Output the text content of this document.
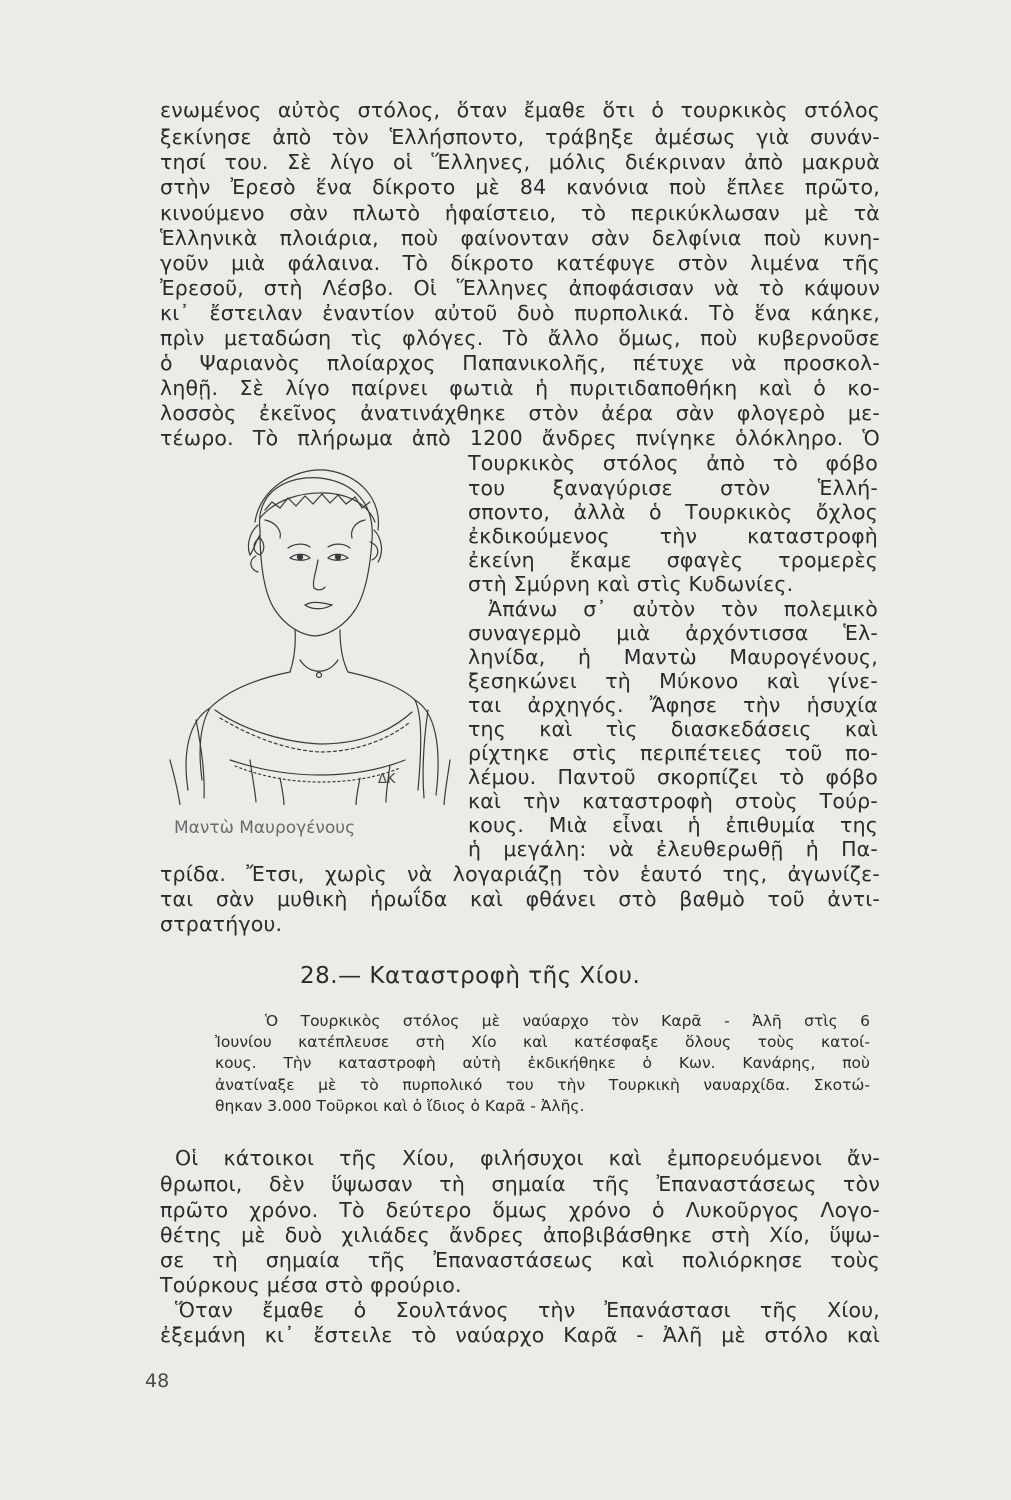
ενωμένος αὐτὸς στόλος, ὅταν ἔμαθε ὅτι ὁ τουρκικὸς στόλος
ξεκίνησε ἀπὸ τὸν Ἑλλήσποντο, τράβηξε ἀμέσως γιὰ συνάν-
τησί του. Σὲ λίγο οἱ Ἕλληνες, μόλις διέκριναν ἀπὸ μακρυὰ
στὴν Ἐρεσὸ ἕνα δίκροτο μὲ 84 κανόνια ποὺ ἔπλεε πρῶτο,
κινούμενο σὰν πλωτὸ ἡφαίστειο, τὸ περικύκλωσαν μὲ τὰ
Ἑλληνικὰ πλοιάρια, ποὺ φαίνονταν σὰν δελφίνια ποὺ κυνη-
γοῦν μιὰ φάλαινα. Τὸ δίκροτο κατέφυγε στὸν λιμένα τῆς
Ἐρεσοῦ, στὴ Λέσβο. Οἱ Ἕλληνες ἀποφάσισαν νὰ τὸ κάψουν
κι᾽ ἔστειλαν ἐναντίον αὐτοῦ δυὸ πυρπολικά. Τὸ ἕνα κάηκε,
πρὶν μεταδώση τὶς φλόγες. Τὸ ἄλλο ὅμως, ποὺ κυβερνοῦσε
ὁ Ψαριανὸς πλοίαρχος Παπανικολῆς, πέτυχε νὰ προσκολ-
ληθῇ. Σὲ λίγο παίρνει φωτιὰ ἡ πυριτιδαποθήκη καὶ ὁ κο-
λοσσὸς ἐκεῖνος ἀνατινάχθηκε στὸν ἀέρα σὰν φλογερὸ με-
τέωρο. Τὸ πλήρωμα ἀπὸ 1200 ἄνδρες πνίγηκε ὁλόκληρο. Ὁ
Τουρκικὸς στόλος ἀπὸ τὸ φόβο
του ξαναγύρισε στὸν Ἑλλή-
σποντο, ἀλλὰ ὁ Τουρκικὸς ὄχλος
ἐκδικούμενος τὴν καταστροφὴ
ἐκείνη ἔκαμε σφαγὲς τρομερὲς
στὴ Σμύρνη καὶ στὶς Κυδωνίες.
Ἀπάνω σ᾽ αὐτὸν τὸν πολεμικὸ
συναγερμὸ μιὰ ἀρχόντισσα Ἑλ-
ληνίδα, ἡ Μαντὼ Μαυρογένους,
ξεσηκώνει τὴ Μύκονο καὶ γίνε-
ται ἀρχηγός. Ἄφησε τὴν ἡσυχία
της καὶ τὶς διασκεδάσεις καὶ
ρίχτηκε στὶς περιπέτειες τοῦ πο-
λέμου. Παντοῦ σκορπίζει τὸ φόβο
καὶ τὴν καταστροφὴ στοὺς Τούρ-
κους. Μιὰ εἶναι ἡ ἐπιθυμία της
ἡ μεγάλη: νὰ ἐλευθερωθῇ ἡ Πα-
ΔΚ
Μαντὼ Μαυρογένους
τρίδα. Ἔτσι, χωρὶς νὰ λογαριάζῃ τὸν ἑαυτό της, ἀγωνίζε-
ται σὰν μυθικὴ ἡρωΐδα καὶ φθάνει στὸ βαθμὸ τοῦ ἀντι-
στρατήγου.
28.— Καταστροφὴ τῆς Χίου.
Ὁ Τουρκικὸς στόλος μὲ ναύαρχο τὸν Καρᾶ - Ἀλῆ στὶς 6
Ἰουνίου κατέπλευσε στὴ Χίο καὶ κατέσφαξε ὅλους τοὺς κατοί-
κους. Τὴν καταστροφὴ αὐτὴ ἐκδικήθηκε ὁ Κων. Κανάρης, ποὺ
ἀνατίναξε μὲ τὸ πυρπολικό του τὴν Τουρκικὴ ναυαρχίδα. Σκοτώ-
θηκαν 3.000 Τοῦρκοι καὶ ὁ ἴδιος ὁ Καρᾶ - Ἀλῆς.
Οἱ κάτοικοι τῆς Χίου, φιλήσυχοι καὶ ἐμπορευόμενοι ἄν-
θρωποι, δὲν ὕψωσαν τὴ σημαία τῆς Ἐπαναστάσεως τὸν
πρῶτο χρόνο. Τὸ δεύτερο ὅμως χρόνο ὁ Λυκοῦργος Λογο-
θέτης μὲ δυὸ χιλιάδες ἄνδρες ἀποβιβάσθηκε στὴ Χίο, ὕψω-
σε τὴ σημαία τῆς Ἐπαναστάσεως καὶ πολιόρκησε τοὺς
Τούρκους μέσα στὸ φρούριο.
Ὅταν ἔμαθε ὁ Σουλτάνος τὴν Ἐπανάστασι τῆς Χίου,
ἐξεμάνη κι᾽ ἔστειλε τὸ ναύαρχο Καρᾶ - Ἀλῆ μὲ στόλο καὶ
48
